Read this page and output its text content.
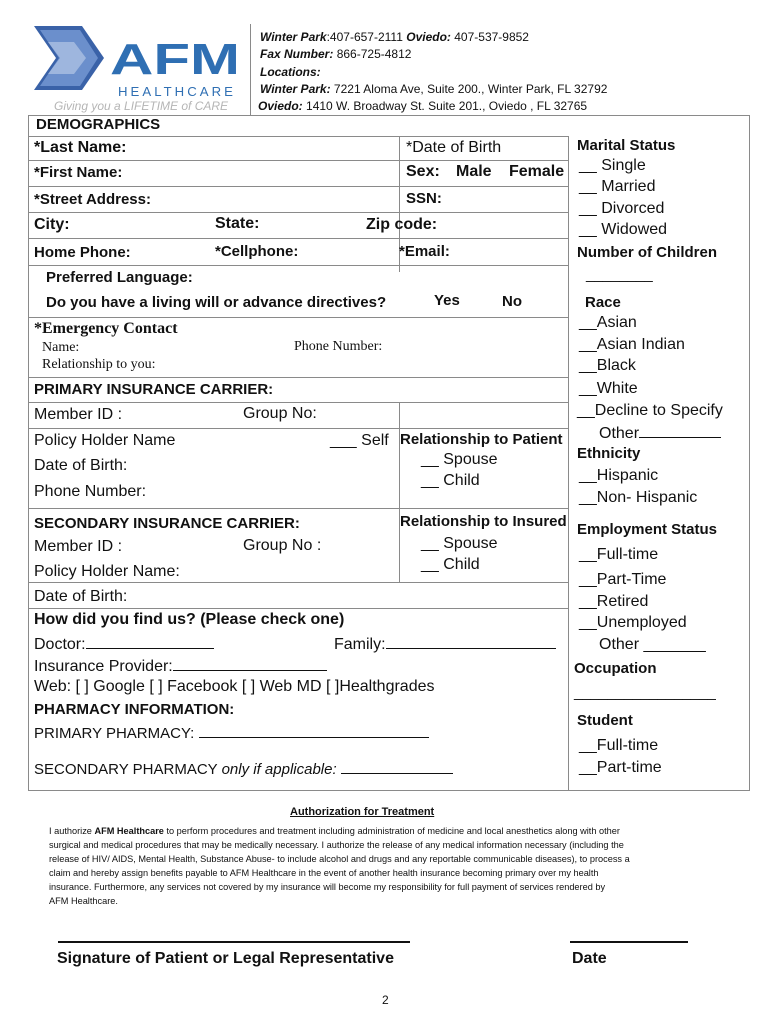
AFM
HEALTHCARE
Giving you a LIFETIME of CARE
Winter Park:407-657-2111 Oviedo: 407-537-9852
Fax Number: 866-725-4812
Locations:
Winter Park: 7221 Aloma Ave, Suite 200., Winter Park, FL 32792
Oviedo: 1410 W. Broadway St. Suite 201., Oviedo , FL 32765
DEMOGRAPHICS
*Last Name:	*Date of Birth
*First Name:	Sex: Male Female
*Street Address:	SSN:
City:	State:	Zip code:
Home Phone:	*Cellphone:	*Email:
Preferred Language:
Do you have a living will or advance directives?	Yes	No
*Emergency Contact
Name:	Phone Number:
Relationship to you:
PRIMARY INSURANCE CARRIER:
Member ID :	Group No:
Policy Holder Name	___ Self Relationship to Patient
__ Spouse
__ Child
Date of Birth:
Phone Number:
SECONDARY INSURANCE CARRIER:	Relationship to Insured
Member ID :	Group No :	__ Spouse
__ Child
Policy Holder Name:
Date of Birth:
How did you find us? (Please check one)
Doctor:	Family:
Insurance Provider:
Web: [ ] Google [ ] Facebook [ ] Web MD [ ]Healthgrades
PHARMACY INFORMATION:
PRIMARY PHARMACY:
SECONDARY PHARMACY only if applicable:
Marital Status
__ Single
__ Married
__ Divorced
__ Widowed
Number of Children
________
Race
__Asian
__Asian Indian
__Black
__White
__Decline to Specify
Other
Ethnicity
__Hispanic
__Non- Hispanic
Employment Status
__Full-time
__Part-Time
__Retired
__Unemployed
Other _______
Occupation
_________________
Student
__Full-time
__Part-time
Authorization for Treatment
I authorize AFM Healthcare to perform procedures and treatment including administration of medicine and local anesthetics along with other
surgical and medical procedures that may be medically necessary. I authorize the release of any medical information necessary (including the
release of HIV/ AIDS, Mental Health, Substance Abuse- to include alcohol and drugs and any reportable communicable diseases), to process a
claim and hereby assign benefits payable to AFM Healthcare in the event of another health insurance becoming primary over my health
insurance. Furthermore, any services not covered by my insurance will become my responsibility for full payment of services rendered by
AFM Healthcare.
Signature of Patient or Legal Representative	Date
2
